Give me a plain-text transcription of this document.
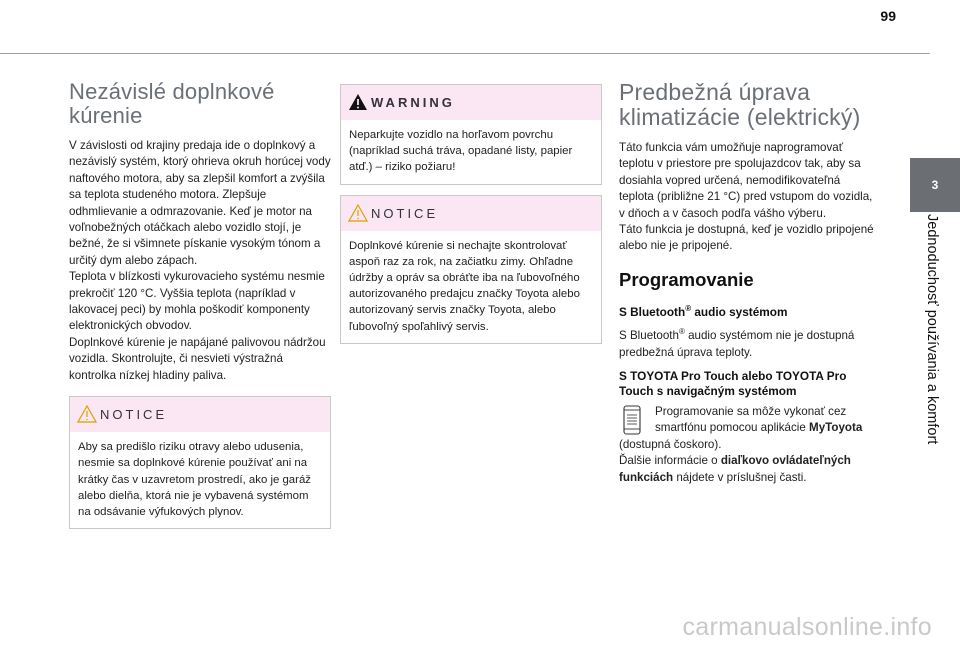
99
Nezávislé doplnkové kúrenie

V závislosti od krajiny predaja ide o doplnkový a nezávislý systém, ktorý ohrieva okruh horúcej vody naftového motora, aby sa zlepšil komfort a zvýšila sa teplota studeného motora. Zlepšuje odhmlievanie a odmrazovanie. Keď je motor na voľnobežných otáčkach alebo vozidlo stojí, je bežné, že si všimnete pískanie vysokým tónom a určitý dym alebo zápach.

Teplota v blízkosti vykurovacieho systému nesmie prekročiť 120 °C. Vyššia teplota (napríklad v lakovacej peci) by mohla poškodiť komponenty elektronických obvodov.

Doplnkové kúrenie je napájané palivovou nádržou vozidla. Skontrolujte, či nesvieti výstražná kontrolka nízkej hladiny paliva.

NOTICE
Aby sa predišlo riziku otravy alebo udusenia, nesmie sa doplnkové kúrenie používať ani na krátky čas v uzavretom prostredí, ako je garáž alebo dielňa, ktorá nie je vybavená systémom na odsávanie výfukových plynov.
WARNING
Neparkujte vozidlo na horľavom povrchu (napríklad suchá tráva, opadané listy, papier atď.) – riziko požiaru!
NOTICE
Doplnkové kúrenie si nechajte skontrolovať aspoň raz za rok, na začiatku zimy. Ohľadne údržby a opráv sa obráťte iba na ľubovoľného autorizovaného predajcu značky Toyota alebo autorizovaný servis značky Toyota, alebo ľubovoľný spoľahlivý servis.
Predbežná úprava klimatizácie (elektrický)

Táto funkcia vám umožňuje naprogramovať teplotu v priestore pre spolujazdcov tak, aby sa dosiahla vopred určená, nemodifikovateľná teplota (približne 21 °C) pred vstupom do vozidla, v dňoch a v časoch podľa vášho výberu.

Táto funkcia je dostupná, keď je vozidlo pripojené alebo nie je pripojené.

Programovanie
S Bluetooth® audio systémom

S Bluetooth® audio systémom nie je dostupná predbežná úprava teploty.

S TOYOTA Pro Touch alebo TOYOTA Pro Touch s navigačným systémom

Programovanie sa môže vykonať cez smartfónu pomocou aplikácie MyToyota

(dostupná čoskoro).

Ďalšie informácie o diaľkovo ovládateľných funkciách nájdete v príslušnej časti.

3
Jednoduchosť používania a komfort
carmanualsonline.info
